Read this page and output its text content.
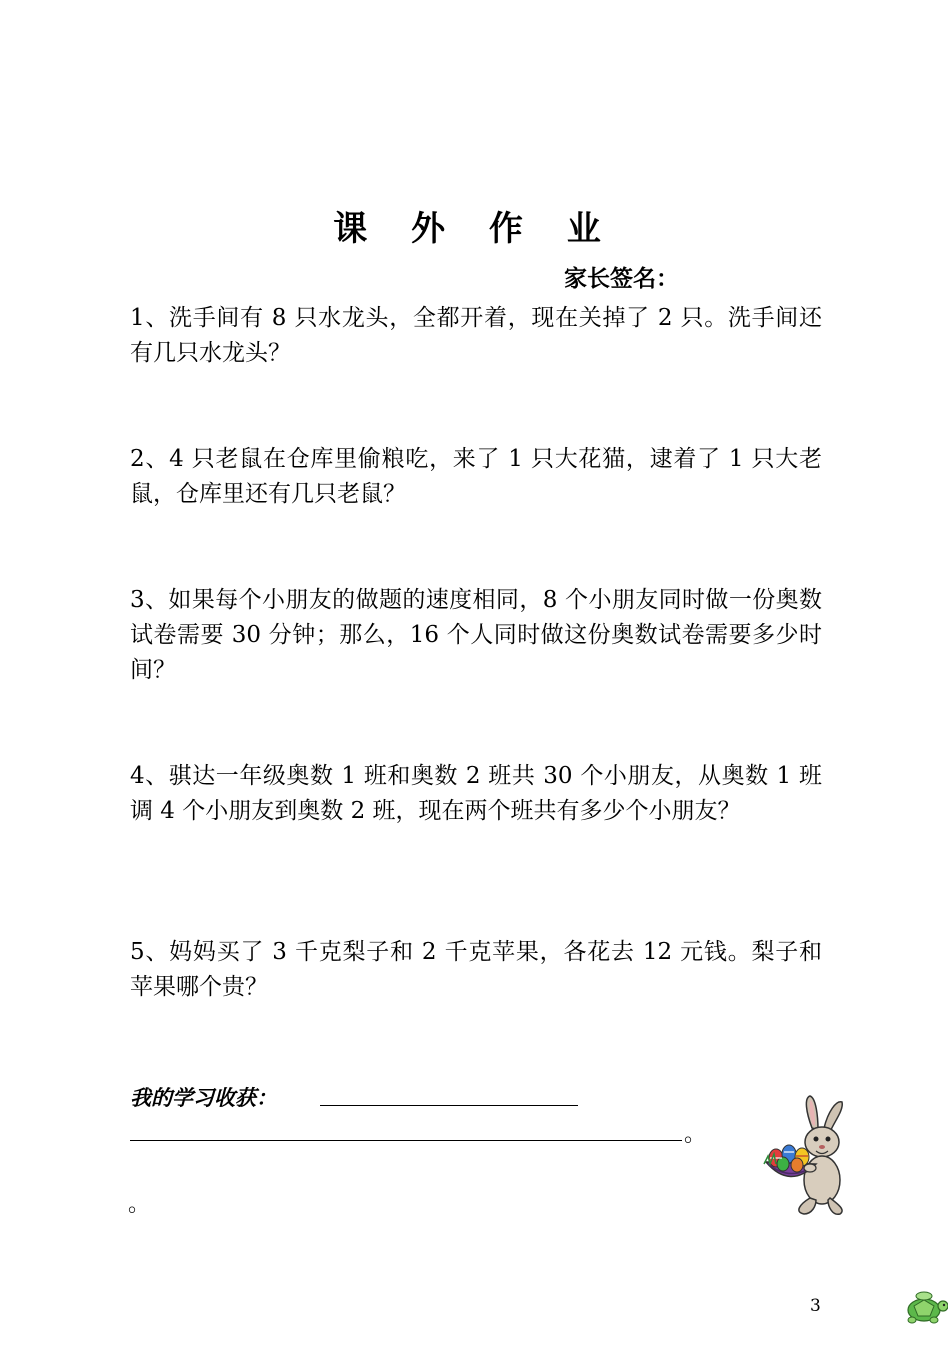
课 外 作 业
家长签名：

1、洗手间有 8 只水龙头，全都开着，现在关掉了 2 只。洗手间还有几只水龙头？

2、4 只老鼠在仓库里偷粮吃，来了 1 只大花猫，逮着了 1 只大老鼠，仓库里还有几只老鼠？

3、如果每个小朋友的做题的速度相同，8 个小朋友同时做一份奥数试卷需要 30 分钟；那么，16 个人同时做这份奥数试卷需要多少时间？

4、骐达一年级奥数 1 班和奥数 2 班共 30 个小朋友，从奥数 1 班调 4 个小朋友到奥数 2 班，现在两个班共有多少个小朋友？

5、妈妈买了 3 千克梨子和 2 千克苹果，各花去 12 元钱。梨子和苹果哪个贵？

我的学习收获：
。
。
3
